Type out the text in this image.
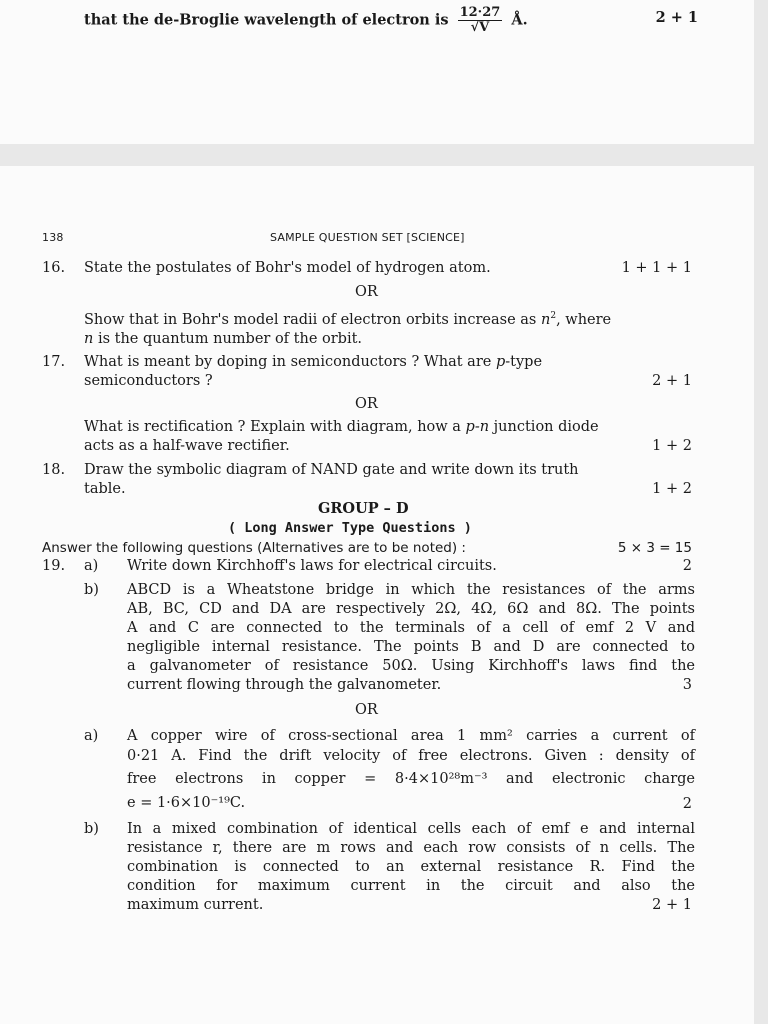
that the de-Broglie wavelength of electron is $\frac{12\cdot 27}{√V}$ Å.	2 + 1
138	SAMPLE QUESTION SET [SCIENCE]
16. State the postulates of Bohr's model of hydrogen atom.	1 + 1 + 1
OR
Show that in Bohr's model radii of electron orbits increase as $n^2$, where
n is the quantum number of the orbit.
17. What is meant by doping in semiconductors ? What are p-type
semiconductors ?	2 + 1
OR
What is rectification ? Explain with diagram, how a p-n junction diode
acts as a half-wave rectifier.	1 + 2
18. Draw the symbolic diagram of NAND gate and write down its truth
table.	1 + 2
GROUP – D
( Long Answer Type Questions )
Answer the following questions (Alternatives are to be noted) :	5 × 3 = 15
19. a) Write down Kirchhoff's laws for electrical circuits.	2
b) ABCD is a Wheatstone bridge in which the resistances of the arms
AB, BC, CD and DA are respectively 2Ω, 4Ω, 6Ω and 8Ω. The points
A and C are connected to the terminals of a cell of emf 2 V and
negligible internal resistance. The points B and D are connected to
a galvanometer of resistance 50Ω. Using Kirchhoff's laws find the
current flowing through the galvanometer.	3
OR
a) A copper wire of cross-sectional area 1 mm² carries a current of
0·21 A. Find the drift velocity of free electrons. Given : density of
free electrons in copper = 8·4×10²⁸m⁻³ and electronic charge
e = 1·6×10⁻¹⁹C.	2
b) In a mixed combination of identical cells each of emf e and internal
resistance r, there are m rows and each row consists of n cells. The
combination is connected to an external resistance R. Find the
condition for maximum current in the circuit and also the
maximum current.	2 + 1
